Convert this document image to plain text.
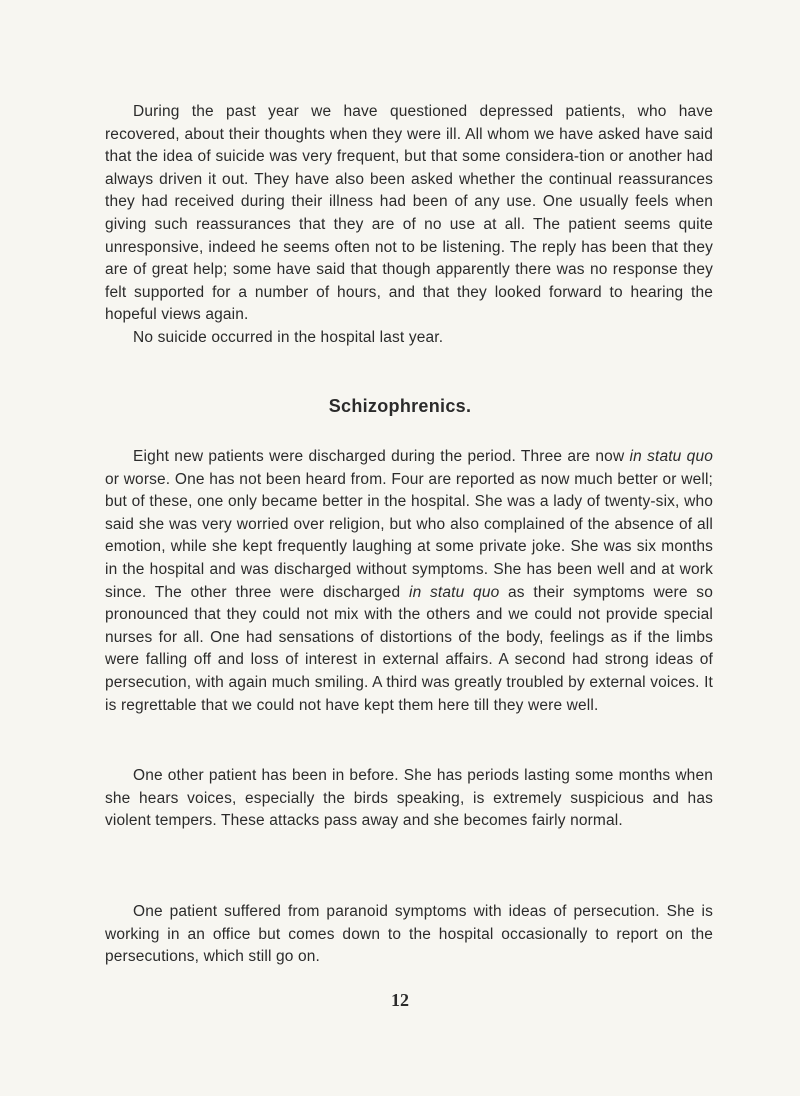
During the past year we have questioned depressed patients, who have recovered, about their thoughts when they were ill. All whom we have asked have said that the idea of suicide was very frequent, but that some considera-tion or another had always driven it out. They have also been asked whether the continual reassurances they had received during their illness had been of any use. One usually feels when giving such reassurances that they are of no use at all. The patient seems quite unresponsive, indeed he seems often not to be listening. The reply has been that they are of great help; some have said that though apparently there was no response they felt supported for a number of hours, and that they looked forward to hearing the hopeful views again.

No suicide occurred in the hospital last year.

Schizophrenics.

Eight new patients were discharged during the period. Three are now in statu quo or worse. One has not been heard from. Four are reported as now much better or well; but of these, one only became better in the hospital. She was a lady of twenty-six, who said she was very worried over religion, but who also complained of the absence of all emotion, while she kept frequently laughing at some private joke. She was six months in the hospital and was discharged without symptoms. She has been well and at work since. The other three were discharged in statu quo as their symptoms were so pronounced that they could not mix with the others and we could not provide special nurses for all. One had sensations of distortions of the body, feelings as if the limbs were falling off and loss of interest in external affairs. A second had strong ideas of persecution, with again much smiling. A third was greatly troubled by external voices. It is regrettable that we could not have kept them here till they were well.

One other patient has been in before. She has periods lasting some months when she hears voices, especially the birds speaking, is extremely suspicious and has violent tempers. These attacks pass away and she becomes fairly normal.

One patient suffered from paranoid symptoms with ideas of persecution. She is working in an office but comes down to the hospital occasionally to report on the persecutions, which still go on.

12
